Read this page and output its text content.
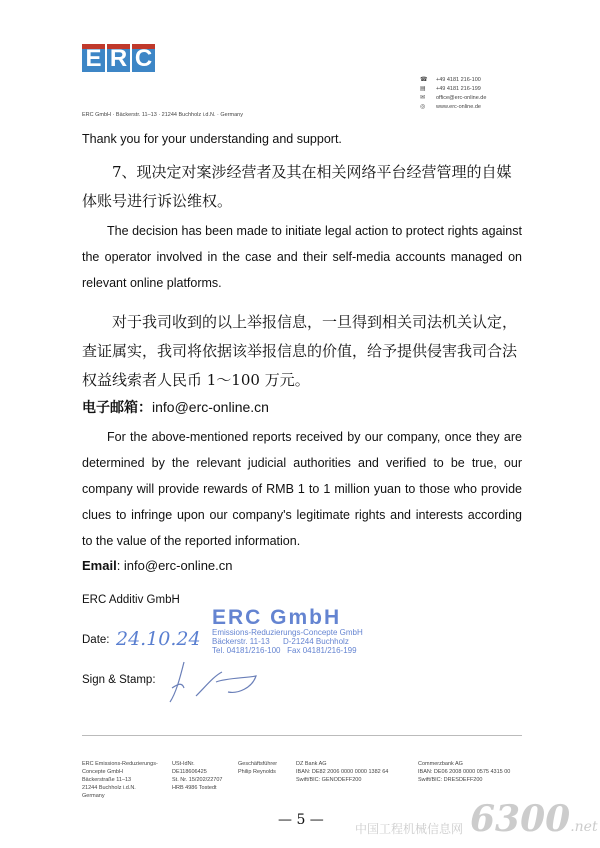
E R C
ERC GmbH · Bäckerstr. 11–13 · 21244 Buchholz i.d.N. · Germany
☎ +49 4181 216-100
▤	+49 4181 216-199
✉	office@erc-online.de
◎	www.erc-online.de
Thank you for your understanding and support.
7、现决定对案涉经营者及其在相关网络平台经营管理的自媒体账号进行诉讼维权。
The decision has been made to initiate legal action to protect rights against the operator involved in the case and their self-media accounts managed on relevant online platforms.
对于我司收到的以上举报信息，一旦得到相关司法机关认定，查证属实，我司将依据该举报信息的价值，给予提供侵害我司合法权益线索者人民币 1～100 万元。
电子邮箱：info@erc-online.cn
For the above-mentioned reports received by our company, once they are determined by the relevant judicial authorities and verified to be true, our company will provide rewards of RMB 1 to 1 million yuan to those who provide clues to infringe upon our company's legitimate rights and interests according to the value of the reported information.
Email: info@erc-online.cn
ERC Additiv GmbH
Date: 24.10.24
ERC GmbH
Emissions-Reduzierungs-Concepte GmbH
Bäckerstr. 11-13      D-21244 Buchholz
Tel. 04181/216-100   Fax 04181/216-199
Sign & Stamp:
ERC Emissions-Reduzierungs-
Concepte GmbH
Bäckerstraße 11–13
21244 Buchholz i.d.N.
Germany
USt-IdNr.
DE118606425
St. Nr. 15/202/22707
HRB 4986 Tostedt
Geschäftsführer
Philip Reynolds
DZ Bank AG
IBAN: DE82 2006 0000 0000 1382 64
Swift/BIC: GENODEFF200
Commerzbank AG
IBAN: DE06 2008 0000 0575 4315 00
Swift/BIC: DRESDEFF200
6300.net
中国工程机械信息网
— 5 —
